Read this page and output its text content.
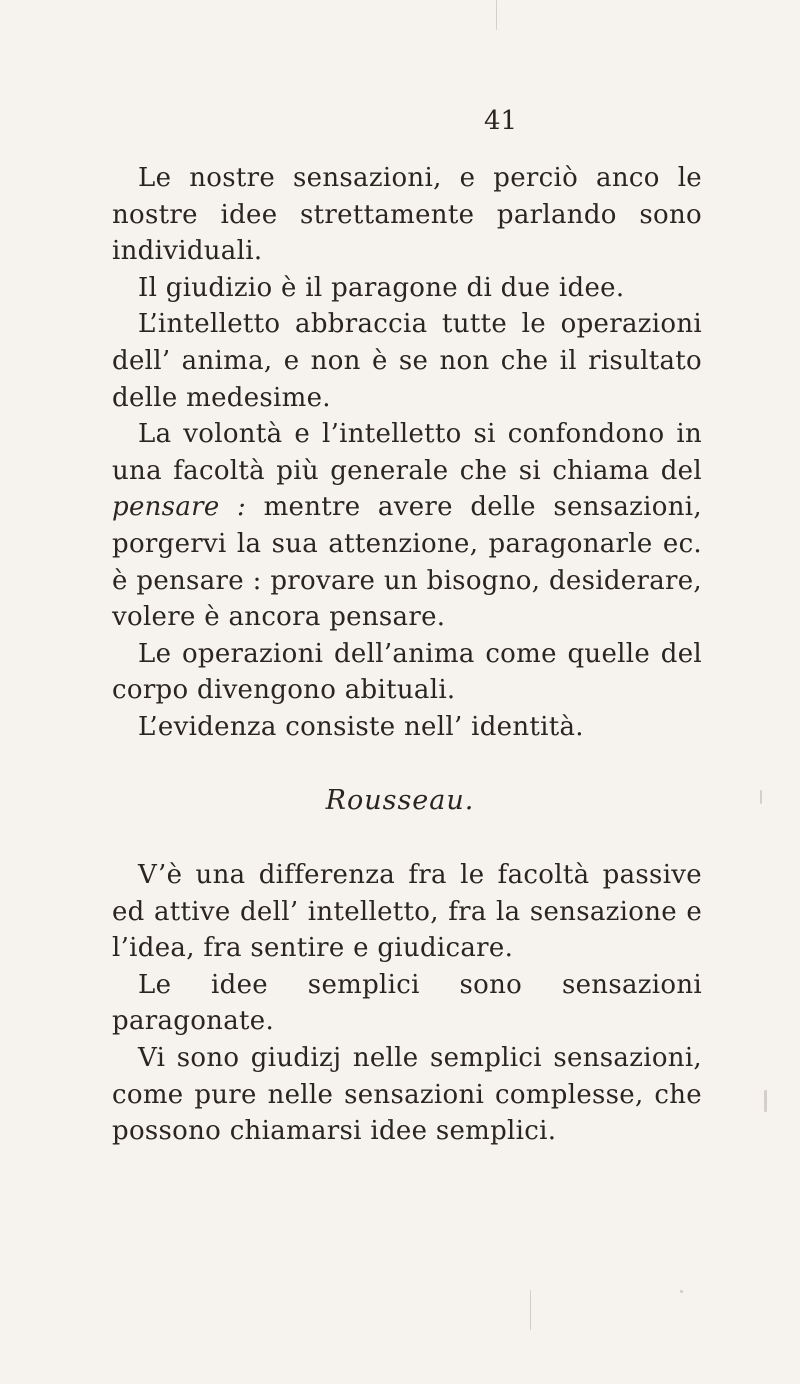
41

Le nostre sensazioni, e perciò anco le nostre idee strettamente parlando sono individuali.

Il giudizio è il paragone di due idee.

L’intelletto abbraccia tutte le operazioni dell’ anima, e non è se non che il risultato delle medesime.

La volontà e l’intelletto si confondono in una facoltà più generale che si chiama del pensare : mentre avere delle sensazioni, porgervi la sua attenzione, paragonarle ec. è pensare : provare un bisogno, desiderare, volere è ancora pensare.

Le operazioni dell’anima come quelle del corpo divengono abituali.

L’evidenza consiste nell’ identità.

Rousseau.

V’è una differenza fra le facoltà passive ed attive dell’ intelletto, fra la sensazione e l’idea, fra sentire e giudicare.

Le idee semplici sono sensazioni paragonate.

Vi sono giudizj nelle semplici sensazioni, come pure nelle sensazioni complesse, che possono chiamarsi idee semplici.
